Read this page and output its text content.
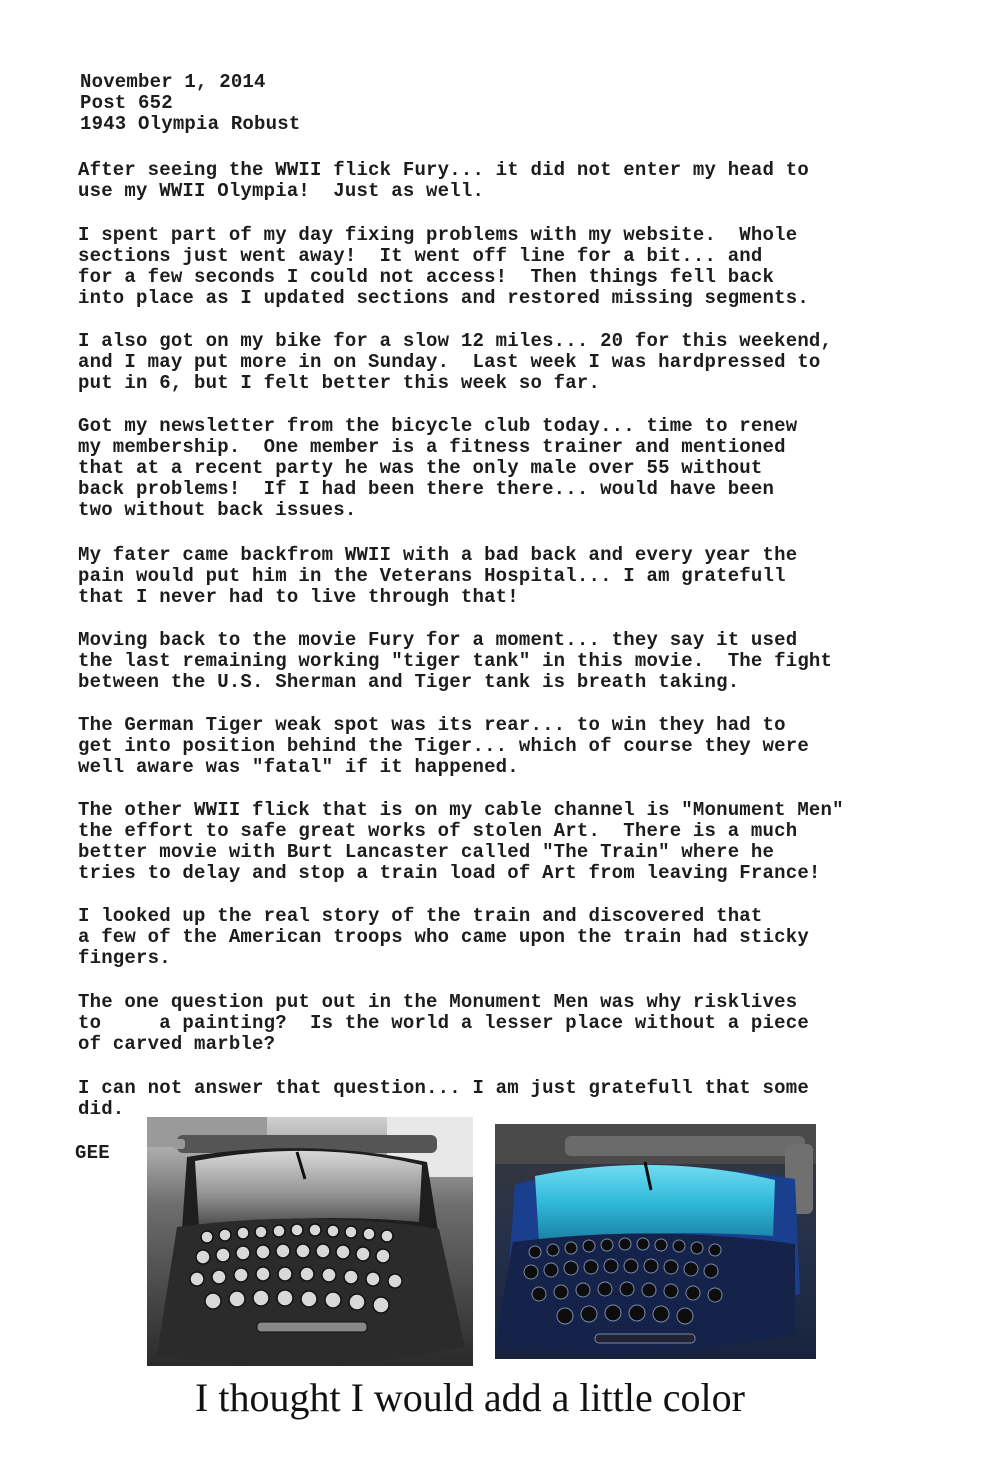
November 1, 2014
Post 652
1943 Olympia Robust
After seeing the WWII flick Fury... it did not enter my head to
use my WWII Olympia!  Just as well.
I spent part of my day fixing problems with my website.  Whole
sections just went away!  It went off line for a bit... and
for a few seconds I could not access!  Then things fell back
into place as I updated sections and restored missing segments.
I also got on my bike for a slow 12 miles... 20 for this weekend,
and I may put more in on Sunday.  Last week I was hardpressed to
put in 6, but I felt better this week so far.
Got my newsletter from the bicycle club today... time to renew
my membership.  One member is a fitness trainer and mentioned
that at a recent party he was the only male over 55 without
back problems!  If I had been there there... would have been
two without back issues.
My fater came backfrom WWII with a bad back and every year the
pain would put him in the Veterans Hospital... I am gratefull
that I never had to live through that!
Moving back to the movie Fury for a moment... they say it used
the last remaining working "tiger tank" in this movie.  The fight
between the U.S. Sherman and Tiger tank is breath taking.
The German Tiger weak spot was its rear... to win they had to
get into position behind the Tiger... which of course they were
well aware was "fatal" if it happened.
The other WWII flick that is on my cable channel is "Monument Men"
the effort to safe great works of stolen Art.  There is a much
better movie with Burt Lancaster called "The Train" where he
tries to delay and stop a train load of Art from leaving France!
I looked up the real story of the train and discovered that
a few of the American troops who came upon the train had sticky
fingers.
The one question put out in the Monument Men was why risklives
to     a painting?  Is the world a lesser place without a piece
of carved marble?
I can not answer that question... I am just gratefull that some
did.
GEE
I thought I would add a little color
